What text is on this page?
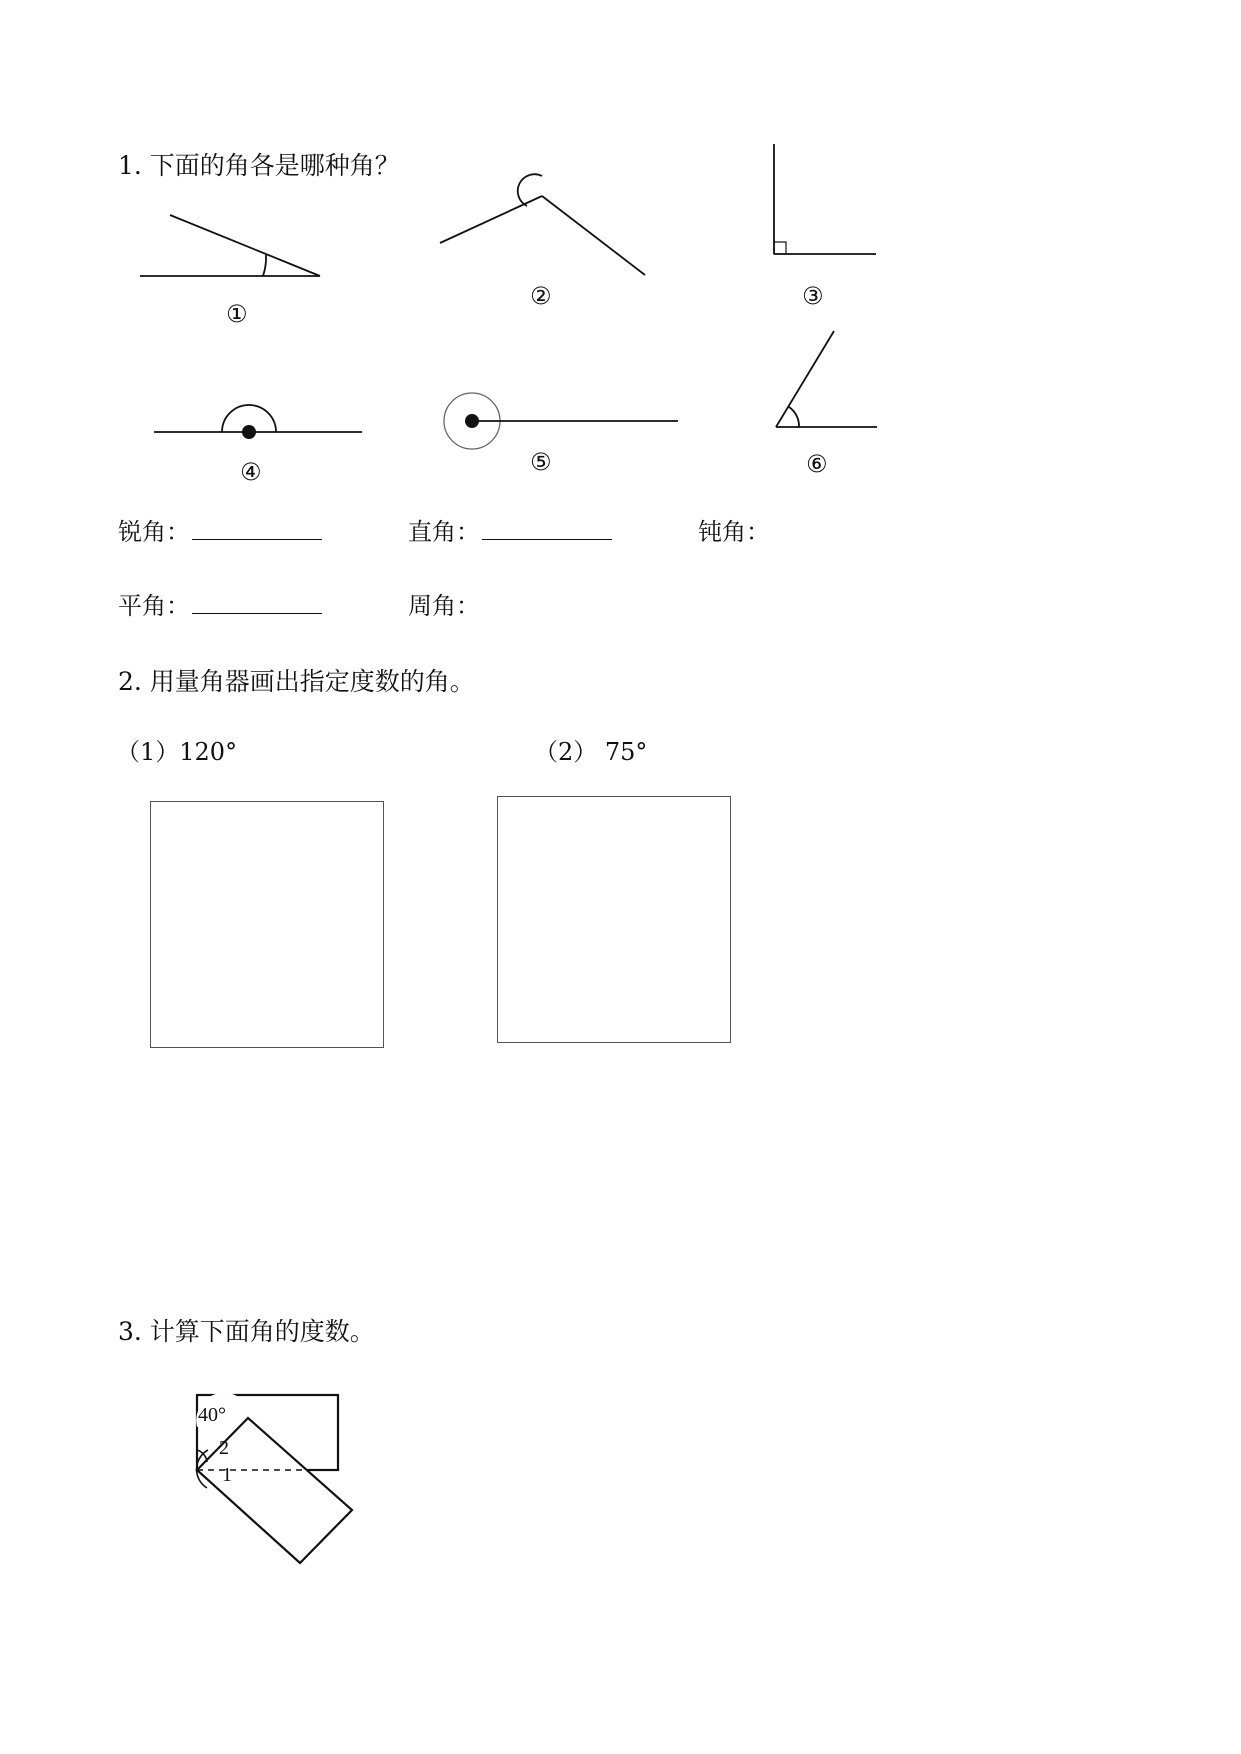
1. 下面的角各是哪种角？
①
②	③
④	⑤	⑥
锐角：	直角：	钝角：
平角：	周角：
2. 用量角器画出指定度数的角。
（1）120°	（2） 75°
3. 计算下面角的度数。
40°
2
1
